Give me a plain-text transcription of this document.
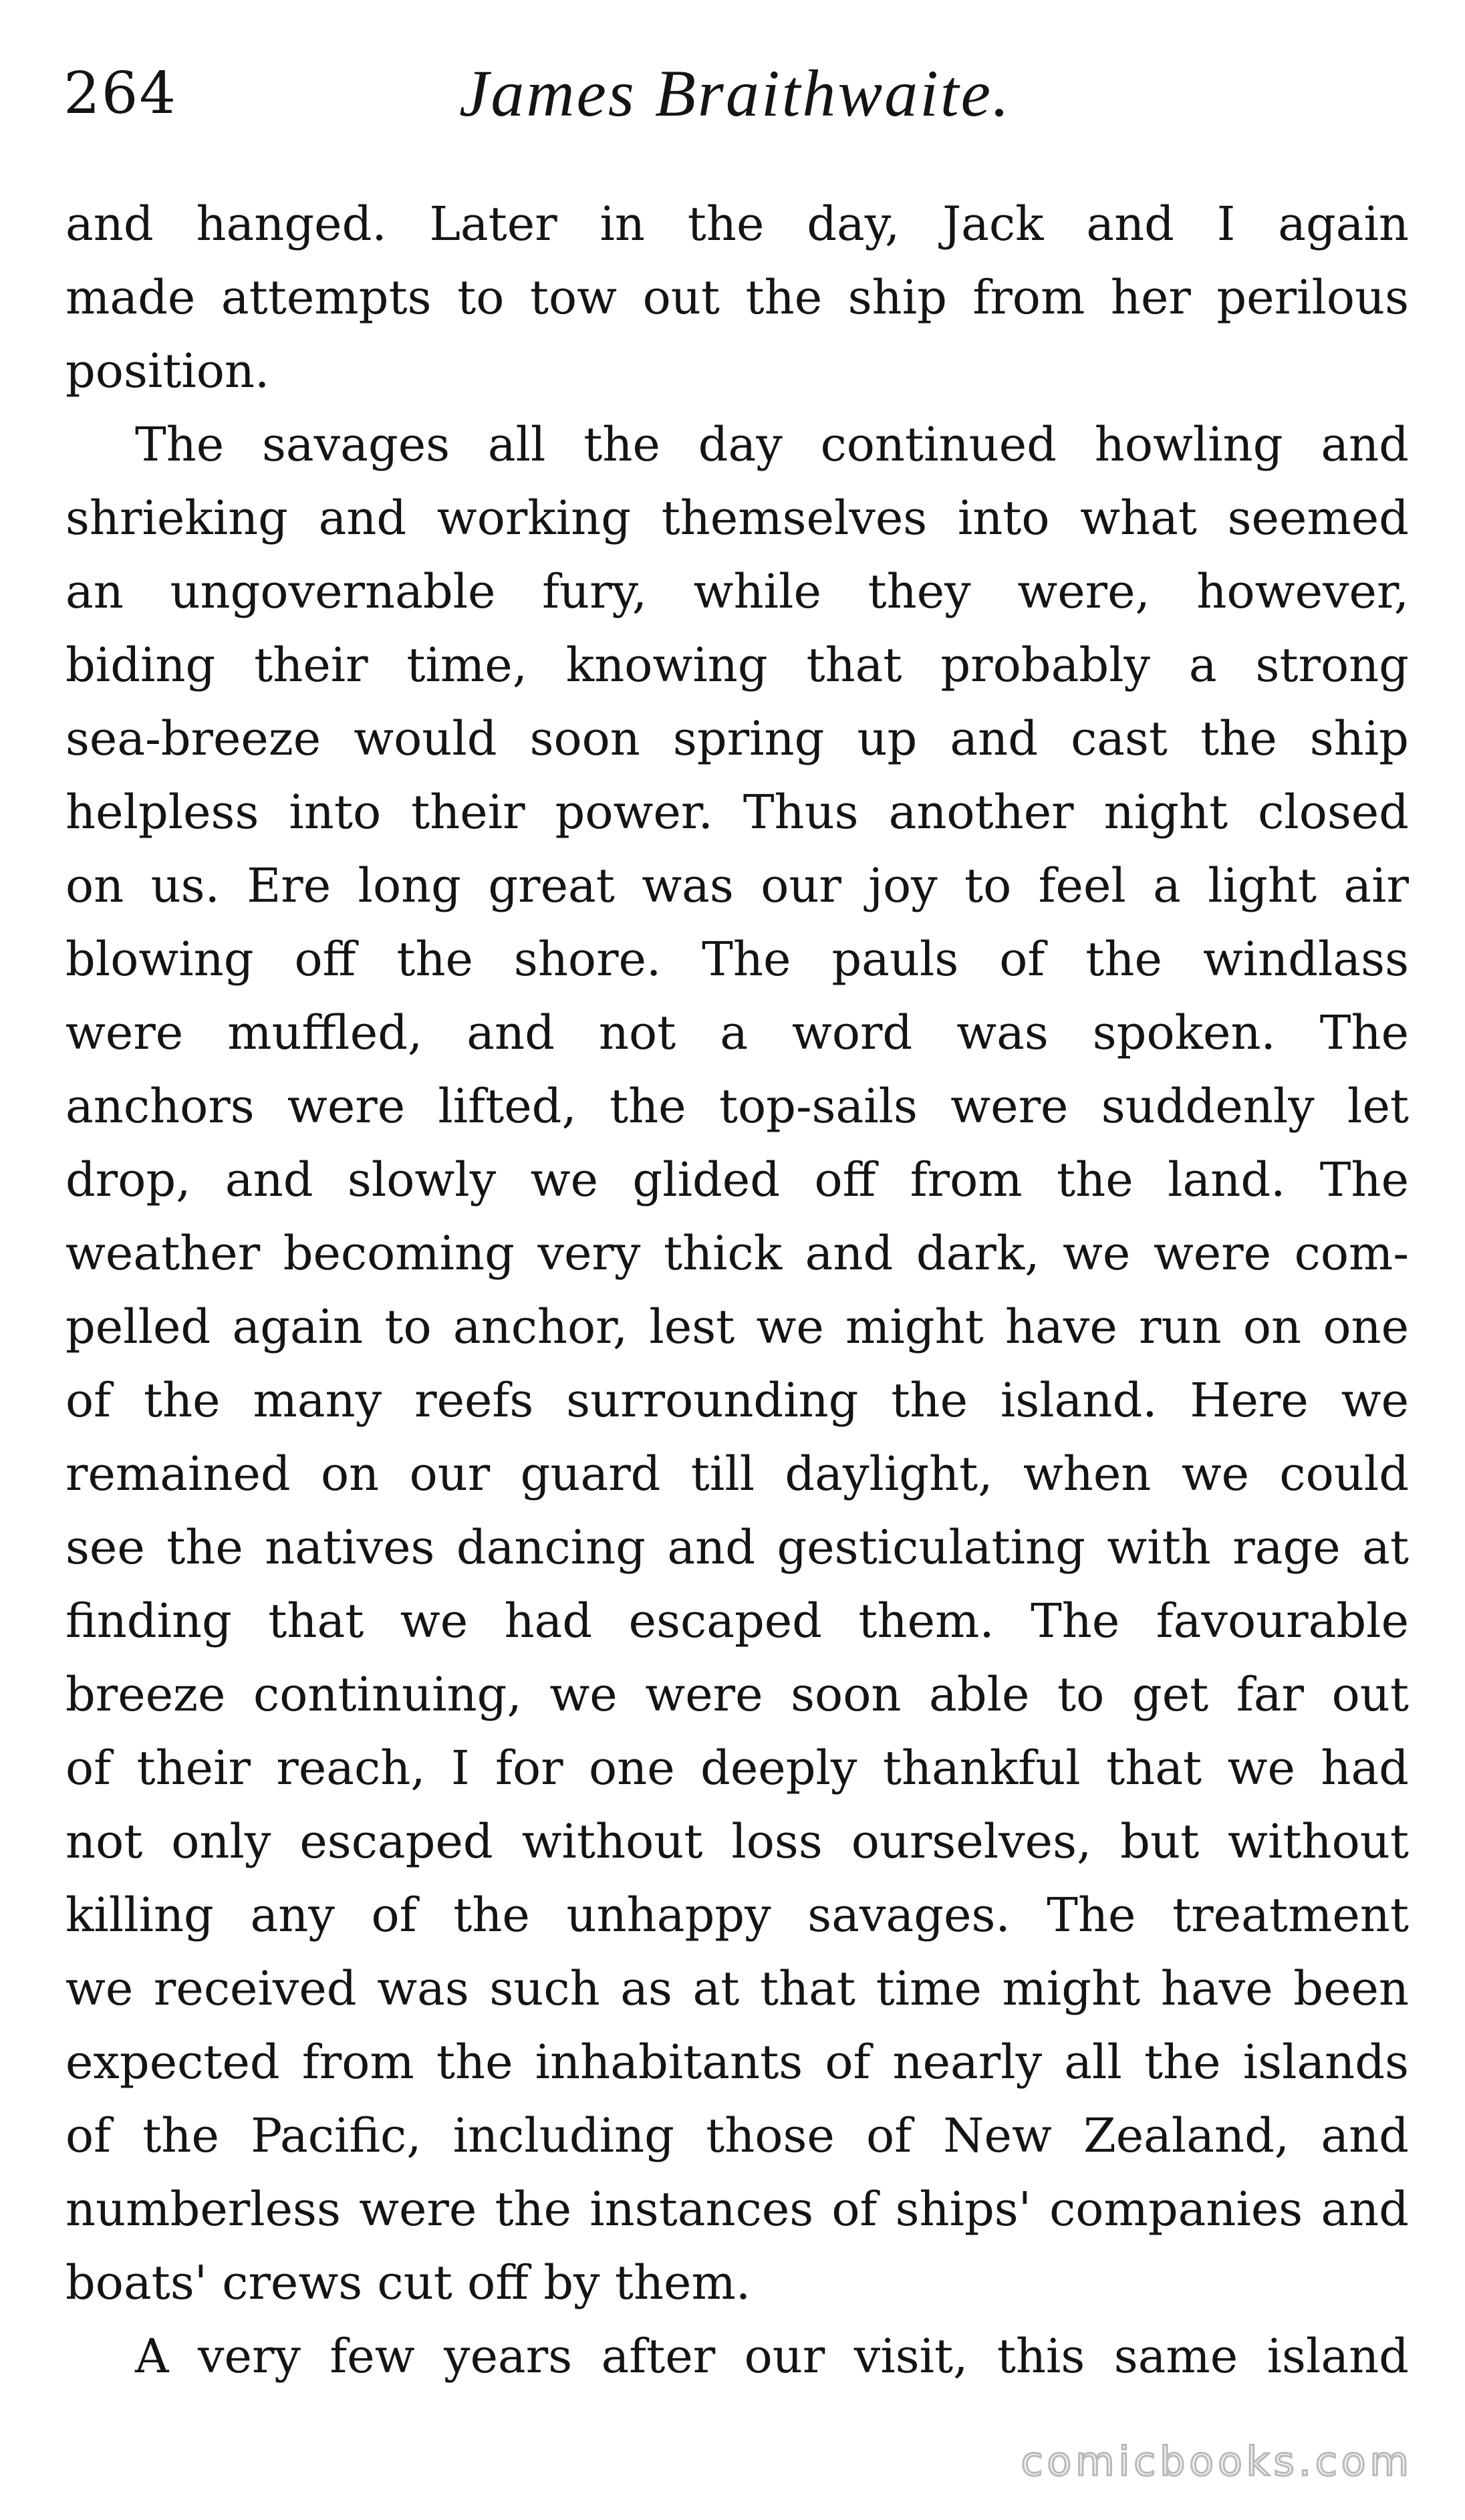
264	James Braithwaite.
and hanged. Later in the day, Jack and I again
made attempts to tow out the ship from her perilous
position.
The savages all the day continued howling and
shrieking and working themselves into what seemed
an ungovernable fury, while they were, however,
biding their time, knowing that probably a strong
sea-breeze would soon spring up and cast the ship
helpless into their power. Thus another night closed
on us. Ere long great was our joy to feel a light air
blowing off the shore. The pauls of the windlass
were muffled, and not a word was spoken. The
anchors were lifted, the top-sails were suddenly let
drop, and slowly we glided off from the land. The
weather becoming very thick and dark, we were com-
pelled again to anchor, lest we might have run on one
of the many reefs surrounding the island. Here we
remained on our guard till daylight, when we could
see the natives dancing and gesticulating with rage at
finding that we had escaped them. The favourable
breeze continuing, we were soon able to get far out
of their reach, I for one deeply thankful that we had
not only escaped without loss ourselves, but without
killing any of the unhappy savages. The treatment
we received was such as at that time might have been
expected from the inhabitants of nearly all the islands
of the Pacific, including those of New Zealand, and
numberless were the instances of ships' companies and
boats' crews cut off by them.
A very few years after our visit, this same island
comicbooks.com
